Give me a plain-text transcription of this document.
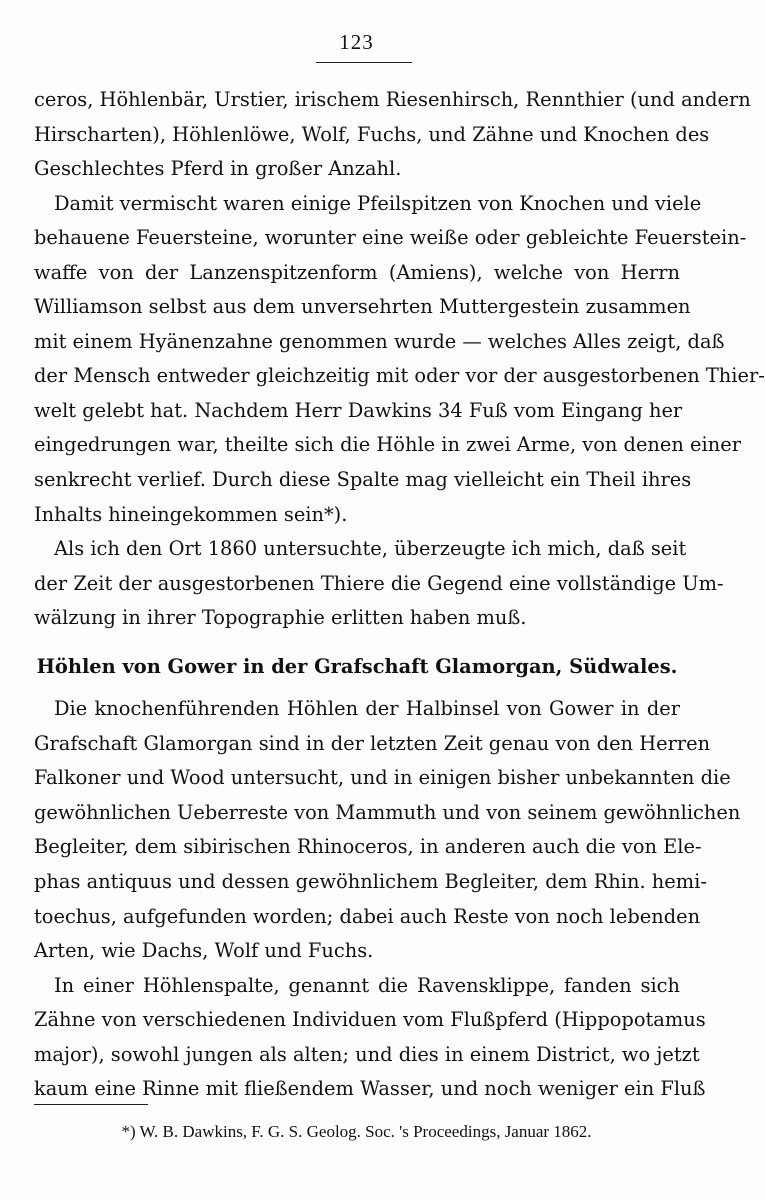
123
ceros, Höhlenbär, Urstier, irischem Riesenhirsch, Rennthier (und andern
Hirscharten), Höhlenlöwe, Wolf, Fuchs, und Zähne und Knochen des
Geschlechtes Pferd in großer Anzahl.
Damit vermischt waren einige Pfeilspitzen von Knochen und viele
behauene Feuersteine, worunter eine weiße oder gebleichte Feuerstein-
waffe von der Lanzenspitzenform (Amiens), welche von Herrn
Williamson selbst aus dem unversehrten Muttergestein zusammen
mit einem Hyänenzahne genommen wurde — welches Alles zeigt, daß
der Mensch entweder gleichzeitig mit oder vor der ausgestorbenen Thier-
welt gelebt hat. Nachdem Herr Dawkins 34 Fuß vom Eingang her
eingedrungen war, theilte sich die Höhle in zwei Arme, von denen einer
senkrecht verlief. Durch diese Spalte mag vielleicht ein Theil ihres
Inhalts hineingekommen sein*).
Als ich den Ort 1860 untersuchte, überzeugte ich mich, daß seit
der Zeit der ausgestorbenen Thiere die Gegend eine vollständige Um-
wälzung in ihrer Topographie erlitten haben muß.
Höhlen von Gower in der Grafschaft Glamorgan, Südwales.
Die knochenführenden Höhlen der Halbinsel von Gower in der
Grafschaft Glamorgan sind in der letzten Zeit genau von den Herren
Falkoner und Wood untersucht, und in einigen bisher unbekannten die
gewöhnlichen Ueberreste von Mammuth und von seinem gewöhnlichen
Begleiter, dem sibirischen Rhinoceros, in anderen auch die von Ele-
phas antiquus und dessen gewöhnlichem Begleiter, dem Rhin. hemi-
toechus, aufgefunden worden; dabei auch Reste von noch lebenden
Arten, wie Dachs, Wolf und Fuchs.
In einer Höhlenspalte, genannt die Ravensklippe, fanden sich
Zähne von verschiedenen Individuen vom Flußpferd (Hippopotamus
major), sowohl jungen als alten; und dies in einem District, wo jetzt
kaum eine Rinne mit fließendem Wasser, und noch weniger ein Fluß
*) W. B. Dawkins, F. G. S. Geolog. Soc. 's Proceedings, Januar 1862.
